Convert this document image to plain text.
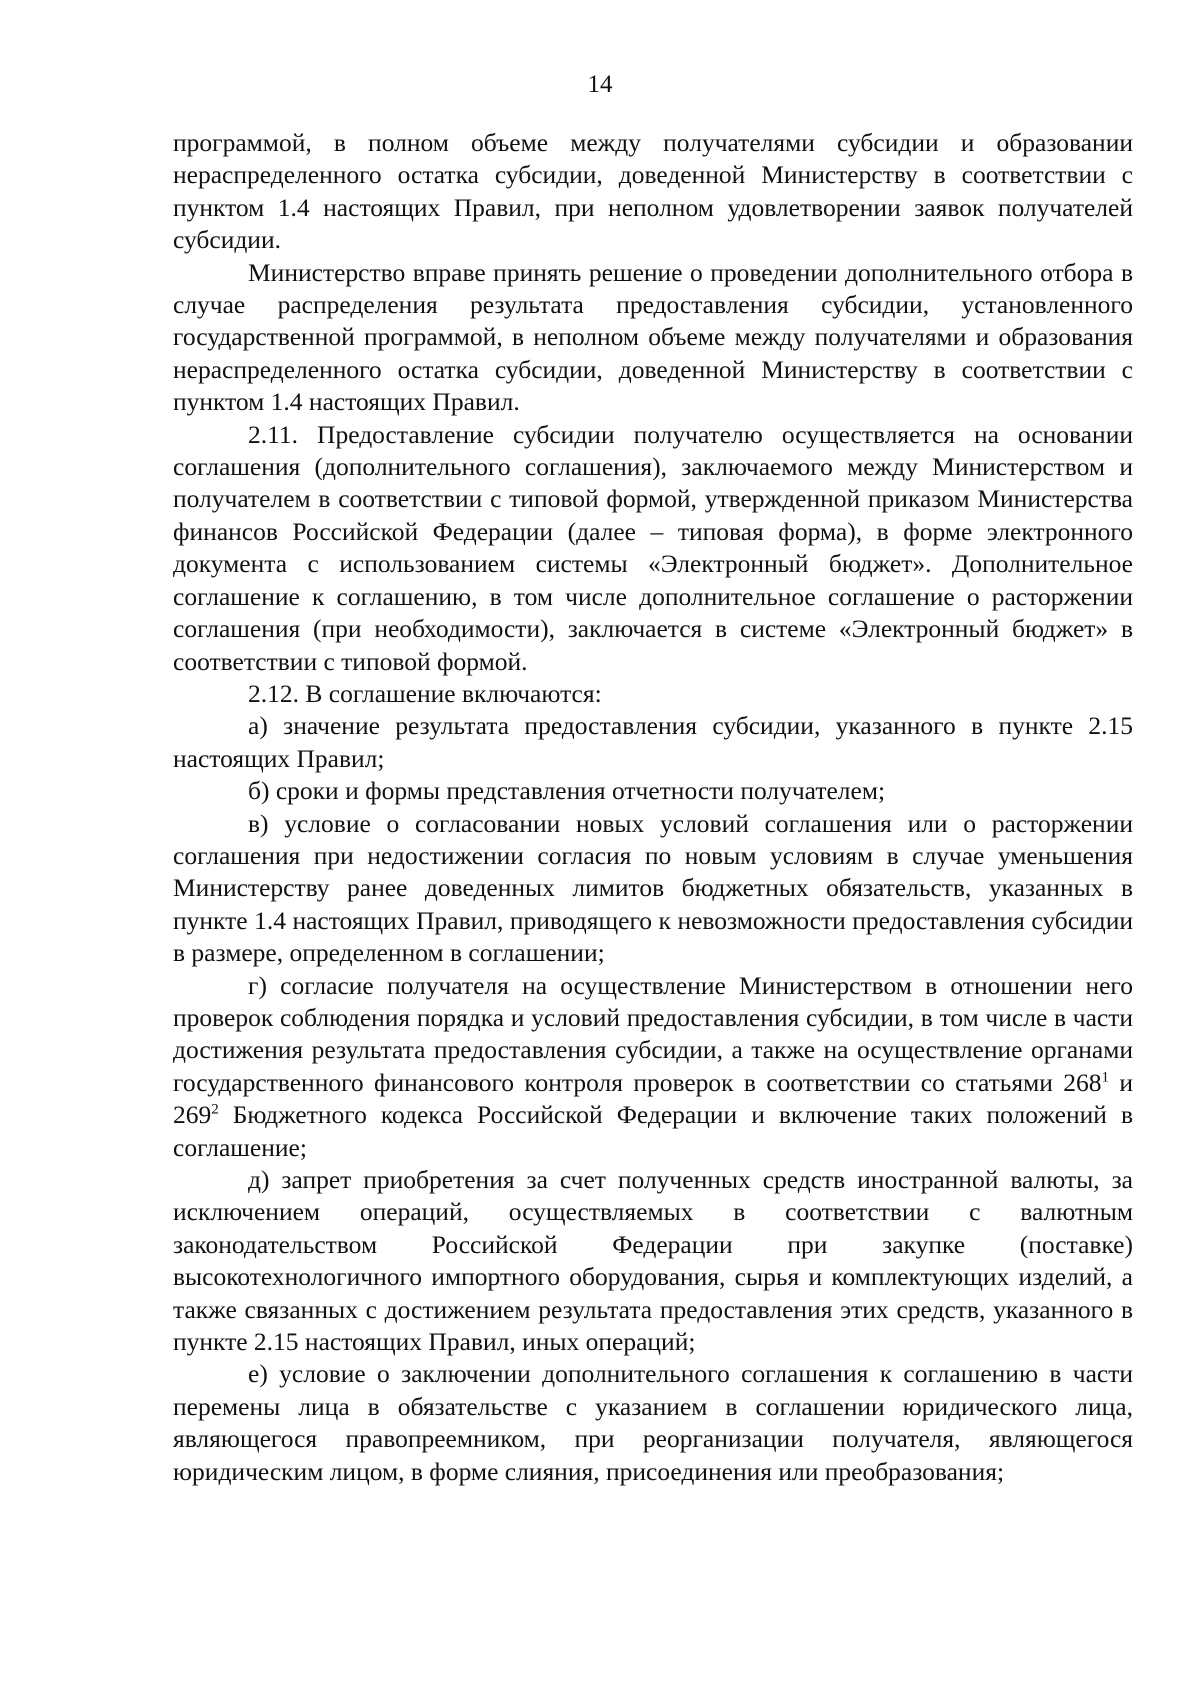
14

программой, в полном объеме между получателями субсидии и образовании нераспределенного остатка субсидии, доведенной Министерству в соответствии с пунктом 1.4 настоящих Правил, при неполном удовлетворении заявок получателей субсидии.

Министерство вправе принять решение о проведении дополнительного отбора в случае распределения результата предоставления субсидии, установленного государственной программой, в неполном объеме между получателями и образования нераспределенного остатка субсидии, доведенной Министерству в соответствии с пунктом 1.4 настоящих Правил.

2.11. Предоставление субсидии получателю осуществляется на основании соглашения (дополнительного соглашения), заключаемого между Министерством и получателем в соответствии с типовой формой, утвержденной приказом Министерства финансов Российской Федерации (далее – типовая форма), в форме электронного документа с использованием системы «Электронный бюджет». Дополнительное соглашение к соглашению, в том числе дополнительное соглашение о расторжении соглашения (при необходимости), заключается в системе «Электронный бюджет» в соответствии с типовой формой.

2.12. В соглашение включаются:

а) значение результата предоставления субсидии, указанного в пункте 2.15 настоящих Правил;

б) сроки и формы представления отчетности получателем;

в) условие о согласовании новых условий соглашения или о расторжении соглашения при недостижении согласия по новым условиям в случае уменьшения Министерству ранее доведенных лимитов бюджетных обязательств, указанных в пункте 1.4 настоящих Правил, приводящего к невозможности предоставления субсидии в размере, определенном в соглашении;

г) согласие получателя на осуществление Министерством в отношении него проверок соблюдения порядка и условий предоставления субсидии, в том числе в части достижения результата предоставления субсидии, а также на осуществление органами государственного финансового контроля проверок в соответствии со статьями $268^1$ и $269^2$ Бюджетного кодекса Российской Федерации и включение таких положений в соглашение;

д) запрет приобретения за счет полученных средств иностранной валюты, за исключением операций, осуществляемых в соответствии с валютным законодательством Российской Федерации при закупке (поставке) высокотехнологичного импортного оборудования, сырья и комплектующих изделий, а также связанных с достижением результата предоставления этих средств, указанного в пункте 2.15 настоящих Правил, иных операций;

е) условие о заключении дополнительного соглашения к соглашению в части перемены лица в обязательстве с указанием в соглашении юридического лица, являющегося правопреемником, при реорганизации получателя, являющегося юридическим лицом, в форме слияния, присоединения или преобразования;
